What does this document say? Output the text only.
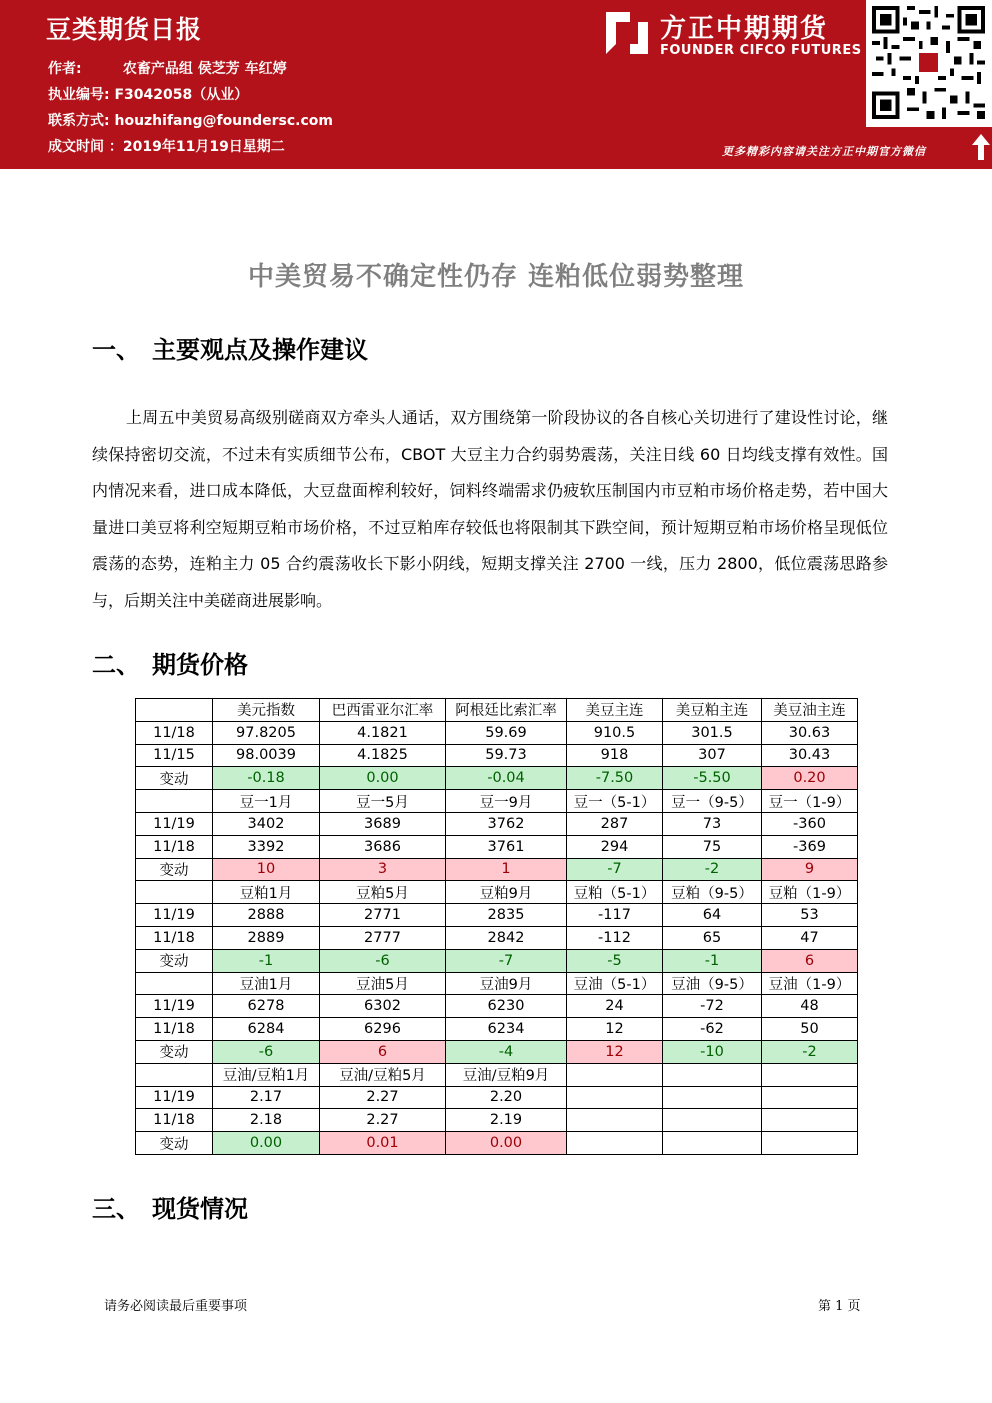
豆类期货日报
作者:	农畜产品组 侯芝芳 车红婷
执业编号: F3042058（从业）
联系方式: houzhifang@foundersc.com
成文时间 ：2019年11月19日星期二
方正中期期货
FOUNDER CIFCO FUTURES
更多精彩内容请关注方正中期官方微信
中美贸易不确定性仍存 连粕低位弱势整理
一、 主要观点及操作建议
上周五中美贸易高级别磋商双方牵头人通话，双方围绕第一阶段协议的各自核心关切进行了建设性讨论，继续保持密切交流，不过未有实质细节公布，CBOT 大豆主力合约弱势震荡，关注日线 60 日均线支撑有效性。国内情况来看，进口成本降低，大豆盘面榨利较好，饲料终端需求仍疲软压制国内市豆粕市场价格走势，若中国大量进口美豆将利空短期豆粕市场价格，不过豆粕库存较低也将限制其下跌空间，预计短期豆粕市场价格呈现低位震荡的态势，连粕主力 05 合约震荡收长下影小阴线，短期支撑关注 2700 一线，压力 2800，低位震荡思路参与，后期关注中美磋商进展影响。
二、 期货价格
	美元指数	巴西雷亚尔汇率	阿根廷比索汇率	美豆主连	美豆粕主连	美豆油主连
11/18	97.8205	4.1821	59.69	910.5	301.5	30.63
11/15	98.0039	4.1825	59.73	918	307	30.43
变动	-0.18	0.00	-0.04	-7.50	-5.50	0.20
	豆一1月	豆一5月	豆一9月	豆一（5-1）	豆一（9-5）	豆一（1-9）
11/19	3402	3689	3762	287	73	-360
11/18	3392	3686	3761	294	75	-369
变动	10	3	1	-7	-2	9
	豆粕1月	豆粕5月	豆粕9月	豆粕（5-1）	豆粕（9-5）	豆粕（1-9）
11/19	2888	2771	2835	-117	64	53
11/18	2889	2777	2842	-112	65	47
变动	-1	-6	-7	-5	-1	6
	豆油1月	豆油5月	豆油9月	豆油（5-1）	豆油（9-5）	豆油（1-9）
11/19	6278	6302	6230	24	-72	48
11/18	6284	6296	6234	12	-62	50
变动	-6	6	-4	12	-10	-2
	豆油/豆粕1月	豆油/豆粕5月	豆油/豆粕9月			
11/19	2.17	2.27	2.20			
11/18	2.18	2.27	2.19			
变动	0.00	0.01	0.00			
三、 现货情况
请务必阅读最后重要事项	第 1 页
